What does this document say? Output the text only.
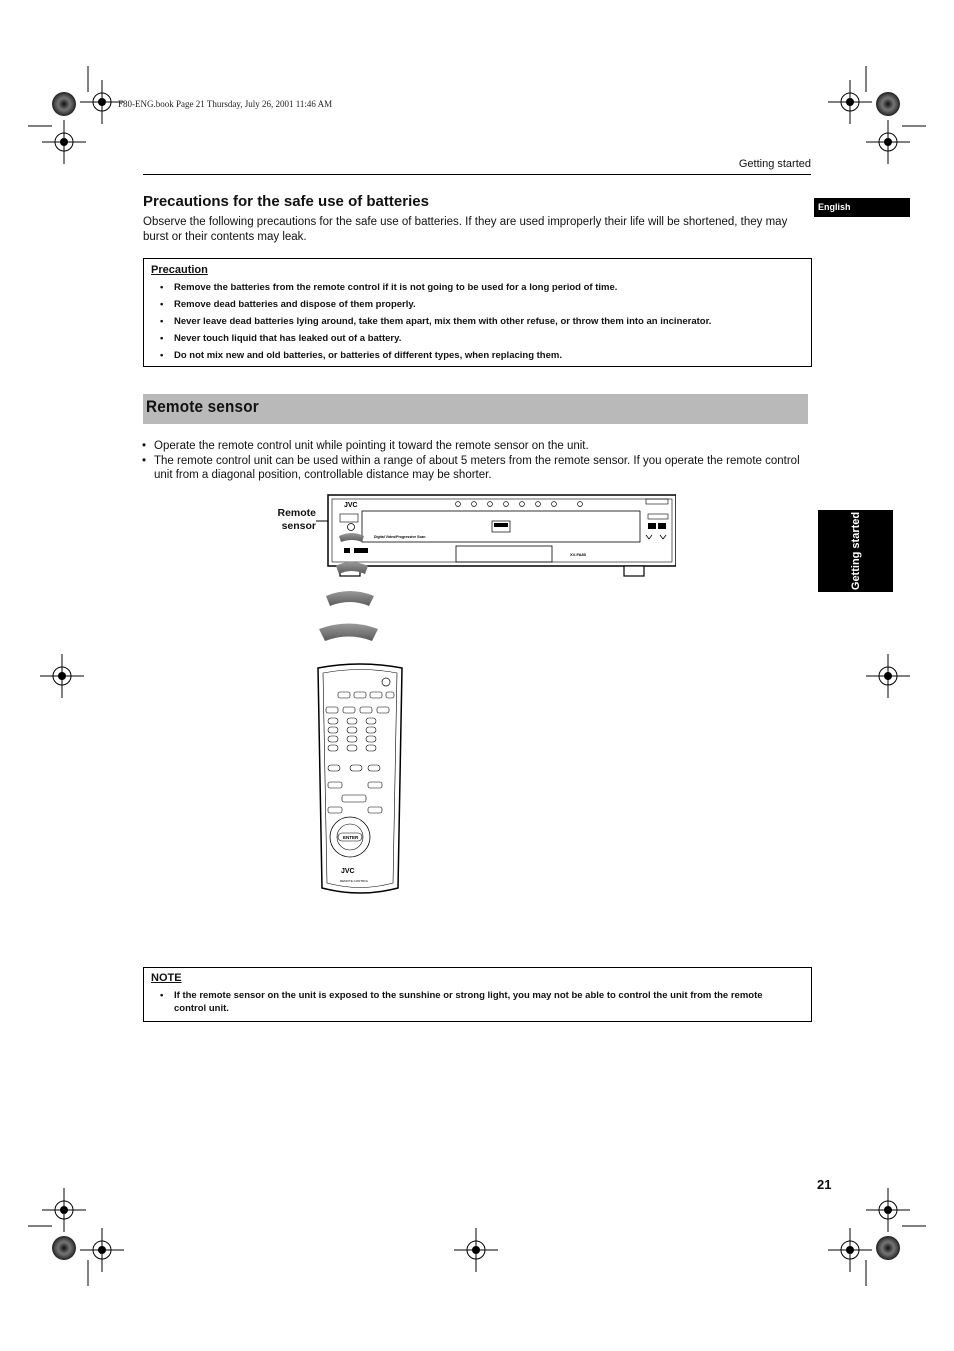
F80-ENG.book Page 21 Thursday, July 26, 2001 11:46 AM
Getting started
English
Getting started
Precautions for the safe use of batteries

Observe the following precautions for the safe use of batteries. If they are used improperly their life will be shortened, they may burst or their contents may leak.

Precaution
• Remove the batteries from the remote control if it is not going to be used for a long period of time.
• Remove dead batteries and dispose of them properly.
• Never leave dead batteries lying around, take them apart, mix them with other refuse, or throw them into an incinerator.
• Never touch liquid that has leaked out of a battery.
• Do not mix new and old batteries, or batteries of different types, when replacing them.
Remote sensor
• Operate the remote control unit while pointing it toward the remote sensor on the unit.
• The remote control unit can be used within a range of about 5 meters from the remote sensor. If you operate the remote control unit from a diagonal position, controllable distance may be shorter.
Remote sensor
JVC
Digital Video/Progressive Scan
XV-FA80
ENTER
JVC
REMOTE CONTROL
NOTE
• If the remote sensor on the unit is exposed to the sunshine or strong light, you may not be able to control the unit from the remote control unit.
21
